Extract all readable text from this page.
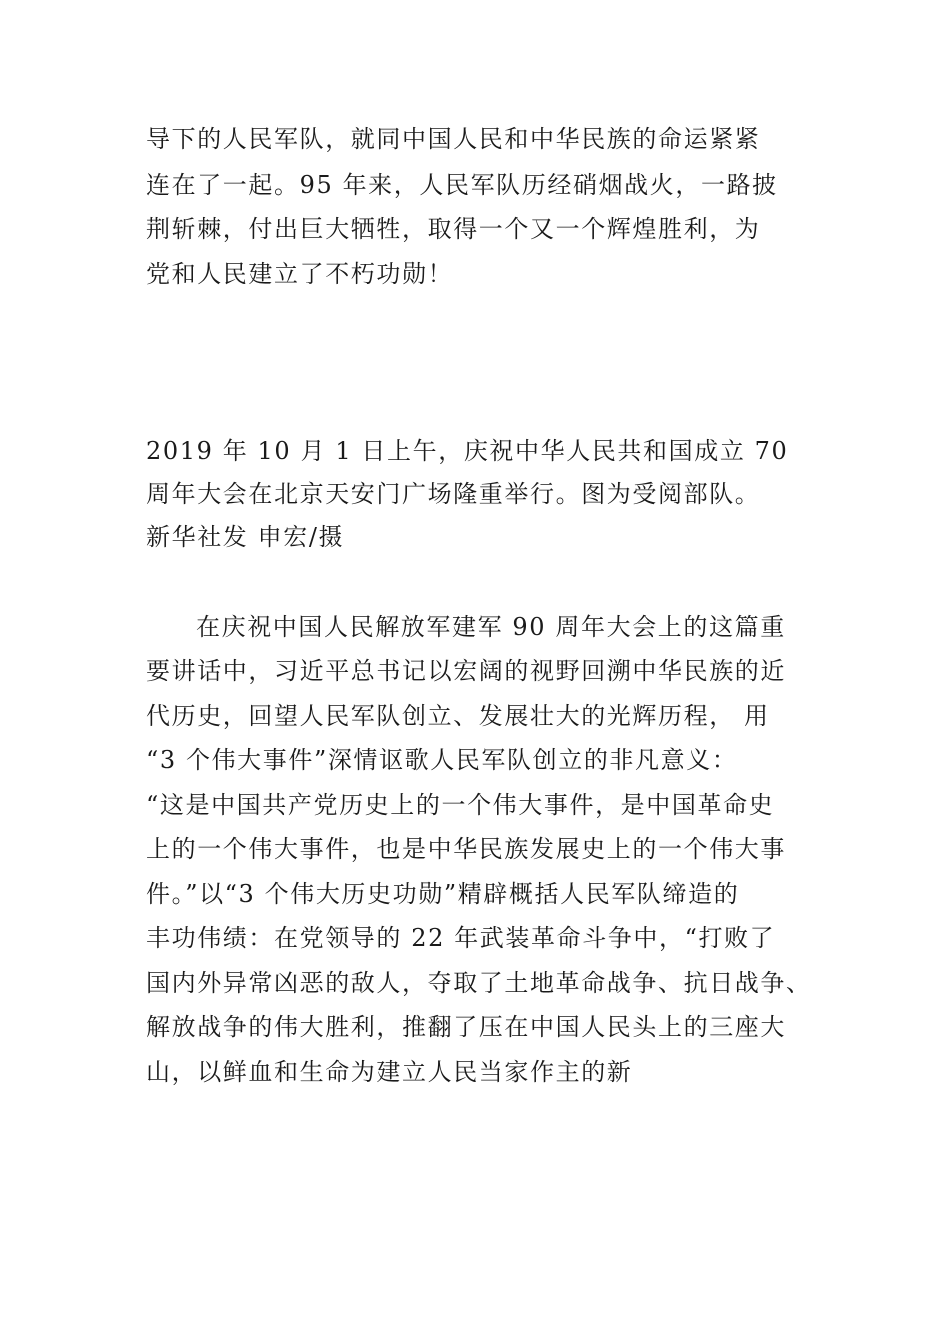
导下的人民军队，就同中国人民和中华民族的命运紧紧

连在了一起。95 年来，人民军队历经硝烟战火，一路披

荆斩棘，付出巨大牺牲，取得一个又一个辉煌胜利，为

党和人民建立了不朽功勋！

2019 年 10 月 1 日上午，庆祝中华人民共和国成立 70

周年大会在北京天安门广场隆重举行。图为受阅部队。

新华社发 申宏/摄

在庆祝中国人民解放军建军 90 周年大会上的这篇重

要讲话中，习近平总书记以宏阔的视野回溯中华民族的近

代历史，回望人民军队创立、发展壮大的光辉历程， 用

“3 个伟大事件”深情讴歌人民军队创立的非凡意义：

“这是中国共产党历史上的一个伟大事件，是中国革命史

上的一个伟大事件，也是中华民族发展史上的一个伟大事

件。”以“3 个伟大历史功勋”精辟概括人民军队缔造的

丰功伟绩：在党领导的 22 年武装革命斗争中，“打败了

国内外异常凶恶的敌人，夺取了土地革命战争、抗日战争、

解放战争的伟大胜利，推翻了压在中国人民头上的三座大

山，以鲜血和生命为建立人民当家作主的新
